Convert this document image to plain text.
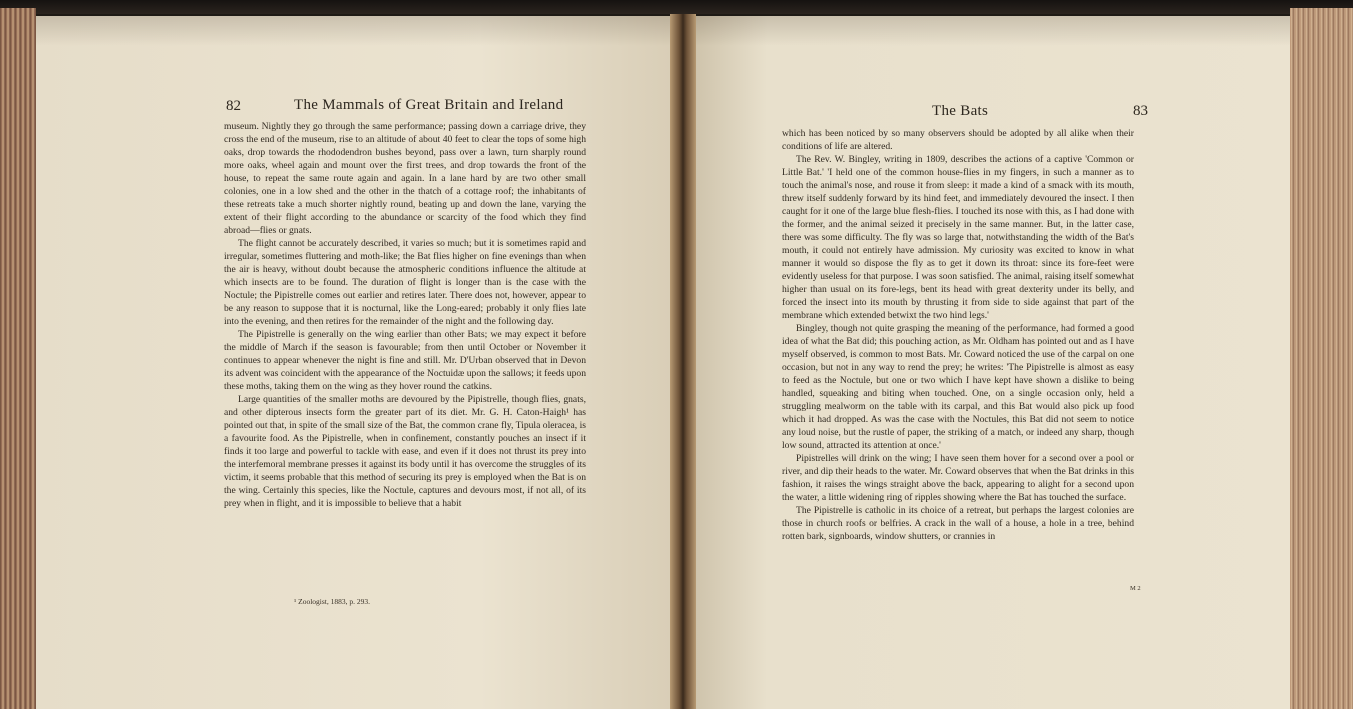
82	The Mammals of Great Britain and Ireland

museum. Nightly they go through the same performance; passing down a carriage drive, they cross the end of the museum, rise to an altitude of about 40 feet to clear the tops of some high oaks, drop towards the rhododendron bushes beyond, pass over a lawn, turn sharply round more oaks, wheel again and mount over the first trees, and drop towards the front of the house, to repeat the same route again and again. In a lane hard by are two other small colonies, one in a low shed and the other in the thatch of a cottage roof; the inhabitants of these retreats take a much shorter nightly round, beating up and down the lane, varying the extent of their flight according to the abundance or scarcity of the food which they find abroad—flies or gnats.

The flight cannot be accurately described, it varies so much; but it is sometimes rapid and irregular, sometimes fluttering and moth-like; the Bat flies higher on fine evenings than when the air is heavy, without doubt because the atmospheric conditions influence the altitude at which insects are to be found. The duration of flight is longer than is the case with the Noctule; the Pipistrelle comes out earlier and retires later. There does not, however, appear to be any reason to suppose that it is nocturnal, like the Long-eared; probably it only flies late into the evening, and then retires for the remainder of the night and the following day.

The Pipistrelle is generally on the wing earlier than other Bats; we may expect it before the middle of March if the season is favourable; from then until October or November it continues to appear whenever the night is fine and still. Mr. D'Urban observed that in Devon its advent was coincident with the appearance of the Noctuidæ upon the sallows; it feeds upon these moths, taking them on the wing as they hover round the catkins.

Large quantities of the smaller moths are devoured by the Pipistrelle, though flies, gnats, and other dipterous insects form the greater part of its diet. Mr. G. H. Caton-Haigh¹ has pointed out that, in spite of the small size of the Bat, the common crane fly, Tipula oleracea, is a favourite food. As the Pipistrelle, when in confinement, constantly pouches an insect if it finds it too large and powerful to tackle with ease, and even if it does not thrust its prey into the interfemoral membrane presses it against its body until it has overcome the struggles of its victim, it seems probable that this method of securing its prey is employed when the Bat is on the wing. Certainly this species, like the Noctule, captures and devours most, if not all, of its prey when in flight, and it is impossible to believe that a habit

¹ Zoologist, 1883, p. 293.
The Bats	83

which has been noticed by so many observers should be adopted by all alike when their conditions of life are altered.

The Rev. W. Bingley, writing in 1809, describes the actions of a captive 'Common or Little Bat.' 'I held one of the common house-flies in my fingers, in such a manner as to touch the animal's nose, and rouse it from sleep: it made a kind of a smack with its mouth, threw itself suddenly forward by its hind feet, and immediately devoured the insect. I then caught for it one of the large blue flesh-flies. I touched its nose with this, as I had done with the former, and the animal seized it precisely in the same manner. But, in the latter case, there was some difficulty. The fly was so large that, notwithstanding the width of the Bat's mouth, it could not entirely have admission. My curiosity was excited to know in what manner it would so dispose the fly as to get it down its throat: since its fore-feet were evidently useless for that purpose. I was soon satisfied. The animal, raising itself somewhat higher than usual on its fore-legs, bent its head with great dexterity under its belly, and forced the insect into its mouth by thrusting it from side to side against that part of the membrane which extended betwixt the two hind legs.'

Bingley, though not quite grasping the meaning of the performance, had formed a good idea of what the Bat did; this pouching action, as Mr. Oldham has pointed out and as I have myself observed, is common to most Bats. Mr. Coward noticed the use of the carpal on one occasion, but not in any way to rend the prey; he writes: 'The Pipistrelle is almost as easy to feed as the Noctule, but one or two which I have kept have shown a dislike to being handled, squeaking and biting when touched. One, on a single occasion only, held a struggling mealworm on the table with its carpal, and this Bat would also pick up food which it had dropped. As was the case with the Noctules, this Bat did not seem to notice any loud noise, but the rustle of paper, the striking of a match, or indeed any sharp, though low sound, attracted its attention at once.'

Pipistrelles will drink on the wing; I have seen them hover for a second over a pool or river, and dip their heads to the water. Mr. Coward observes that when the Bat drinks in this fashion, it raises the wings straight above the back, appearing to alight for a second upon the water, a little widening ring of ripples showing where the Bat has touched the surface.

The Pipistrelle is catholic in its choice of a retreat, but perhaps the largest colonies are those in church roofs or belfries. A crack in the wall of a house, a hole in a tree, behind rotten bark, signboards, window shutters, or crannies in

M 2
